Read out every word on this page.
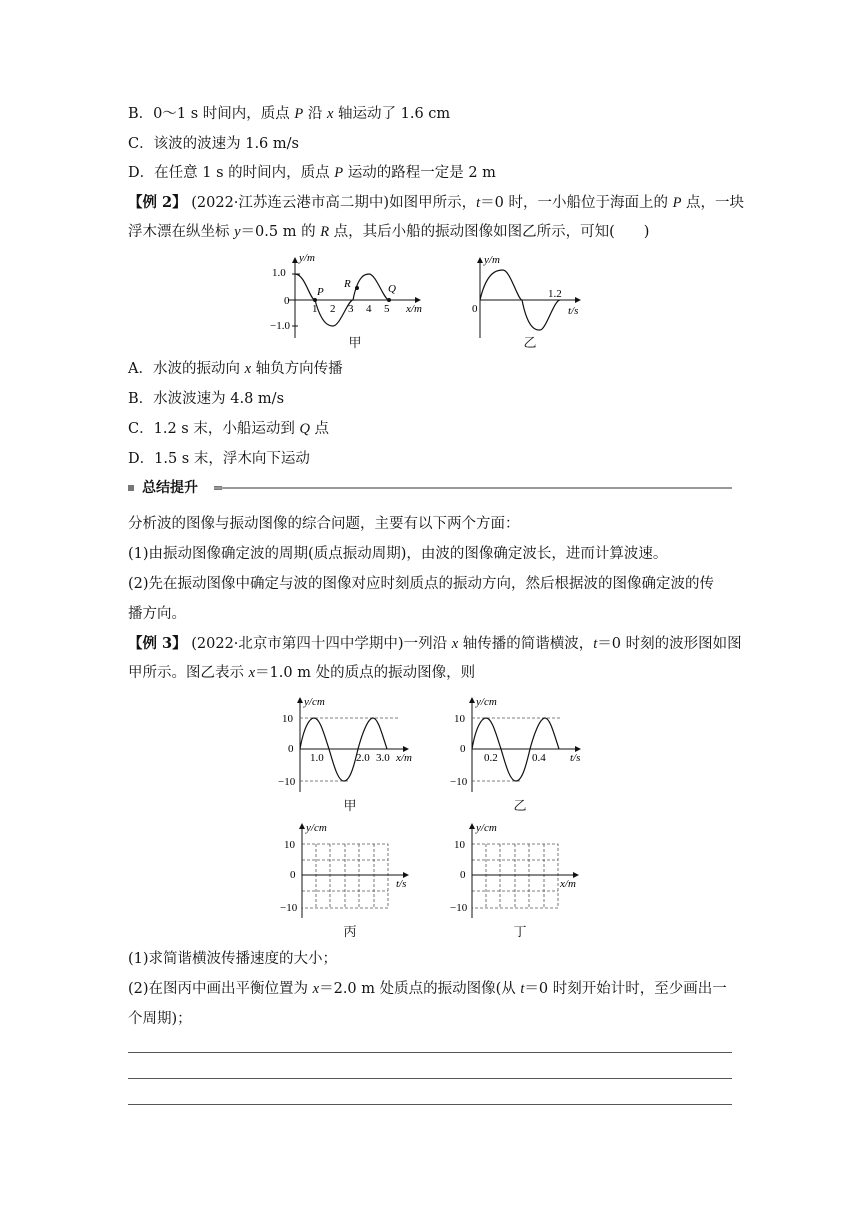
B．0～1 s 时间内，质点 P 沿 x 轴运动了 1.6 cm
C．该波的波速为 1.6 m/s
D．在任意 1 s 的时间内，质点 P 运动的路程一定是 2 m
【例 2】 (2022·江苏连云港市高二期中)如图甲所示，t＝0 时，一小船位于海面上的 P 点，一块
浮木漂在纵坐标 y＝0.5 m 的 R 点，其后小船的振动图像如图乙所示，可知(　　)
y/m
x/m
1.0
0
−1.0
1 2 3 4 5
P
R	Q
甲
y/m
t/s
0
1.2
乙
A．水波的振动向 x 轴负方向传播
B．水波波速为 4.8 m/s
C．1.2 s 末，小船运动到 Q 点
D．1.5 s 末，浮木向下运动
总结提升
分析波的图像与振动图像的综合问题，主要有以下两个方面：
(1)由振动图像确定波的周期(质点振动周期)，由波的图像确定波长，进而计算波速。
(2)先在振动图像中确定与波的图像对应时刻质点的振动方向，然后根据波的图像确定波的传
播方向。
【例 3】 (2022·北京市第四十四中学期中)一列沿 x 轴传播的简谐横波，t＝0 时刻的波形图如图
甲所示。图乙表示 x＝1.0 m 处的质点的振动图像，则
y/cm
x/m
10
0
−10
1.0	2.0 3.0
甲
y/cm
t/s
10
0
−10
0.2	0.4
乙
y/cm
t/s
10
0
−10
丙
y/cm
x/m
10
0
−10
丁
(1)求简谐横波传播速度的大小；
(2)在图丙中画出平衡位置为 x＝2.0 m 处质点的振动图像(从 t＝0 时刻开始计时，至少画出一
个周期)；
